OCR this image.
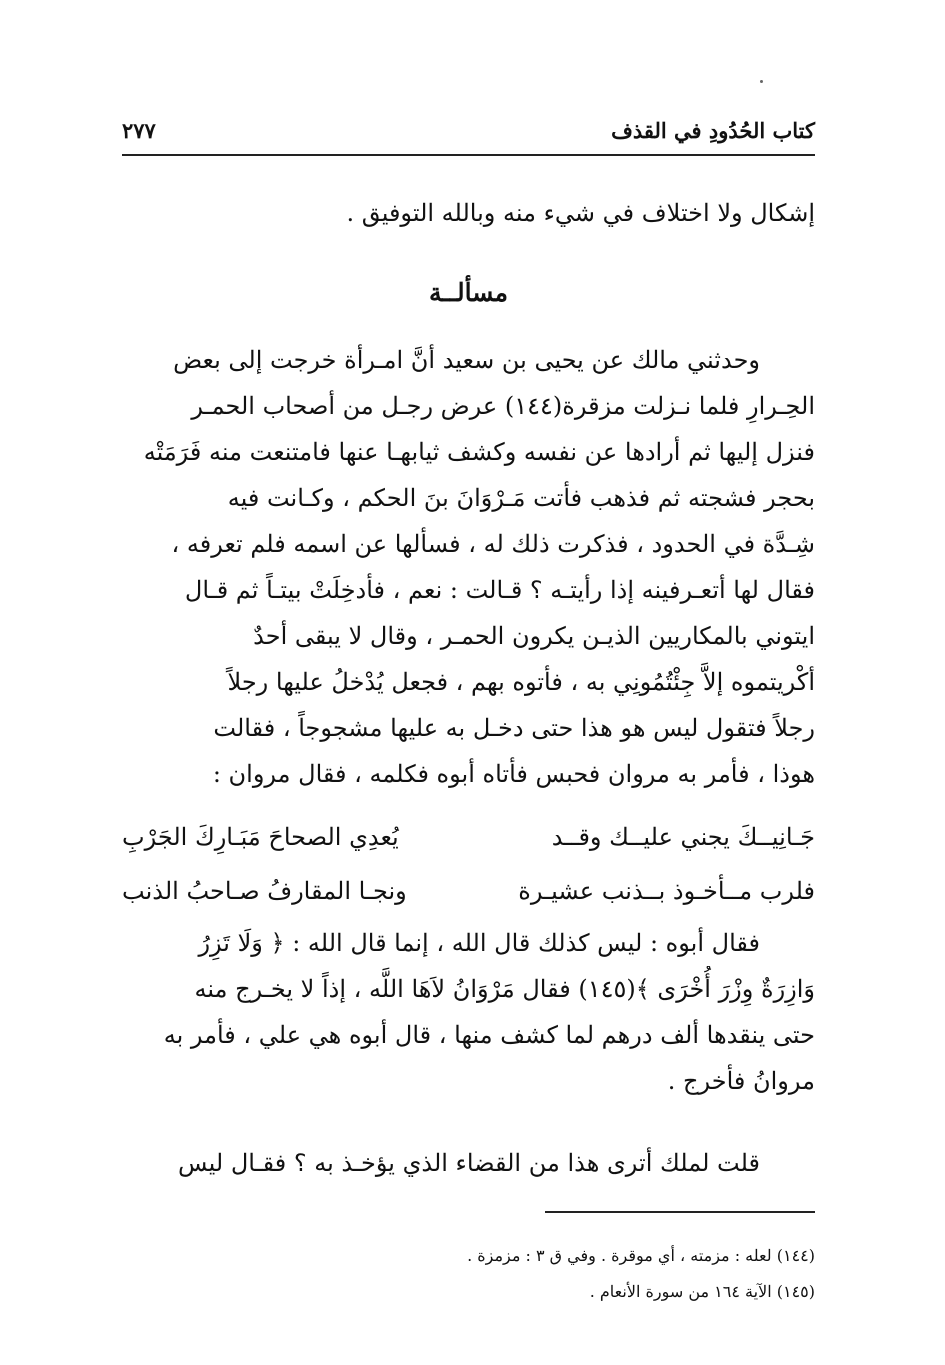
كتاب الحُدُودِ في القذف
٢٧٧
إشكال ولا اختلاف في شيء منه وبالله التوفيق .
مسألــة
وحدثني مالك عن يحيى بن سعيد أنَّ امـرأة خرجت إلى بعض
الحِـرارِ فلما نـزلت مزقرة(١٤٤) عرض رجـل من أصحاب الحمـر
فنزل إليها ثم أرادها عن نفسه وكشف ثيابهـا عنها فامتنعت منه فَرَمَتْه
بحجر فشجته ثم فذهب فأتت مَـرْوَانَ بنَ الحكم ، وكـانت فيه
شِـدَّة في الحدود ، فذكرت ذلك له ، فسألها عن اسمه فلم تعرفه ،
فقال لها أتعـرفينه إذا رأيتـه ؟ قـالت : نعم ، فأدخِلَتْ بيتـاً ثم قـال
ايتوني بالمكاريين الذيـن يكرون الحمـر ، وقال لا يبقى أحدٌ
أكْريتموه إلاَّ جِئْتُمُونِي به ، فأتوه بهم ، فجعل يُدْخلُ عليها رجلاً
رجلاً فتقول ليس هو هذا حتى دخـل به عليها مشجوجاً ، فقالت
هوذا ، فأمر به مروان فحبس فأتاه أبوه فكلمه ، فقال مروان :
جَـانِيــكَ يجني عليــك وقــد
يُعدِي الصحاحَ مَبَـارِكَ الجَرْبِ
فلرب مــأخـوذ بــذنب عشيـرة
ونجـا المقارفُ صـاحبُ الذنب
فقال أبوه : ليس كذلك قال الله ، إنما قال الله : ﴿ وَلَا تَزِرُ
وَازِرَةٌ وِزْرَ أُخْرَى ﴾(١٤٥) فقال مَرْوَانُ لاَهَا اللَّه ، إذاً لا يخـرج منه
حتى ينقدها ألف درهم لما كشف منها ، قال أبوه هي علي ، فأمر به
مروانُ فأخرج .
قلت لملك أترى هذا من القضاء الذي يؤخـذ به ؟ فقـال ليس
(١٤٤) لعله : مزمته ، أي موقرة . وفي ق ٣ : مزمزة .
(١٤٥) الآية ١٦٤ من سورة الأنعام .
